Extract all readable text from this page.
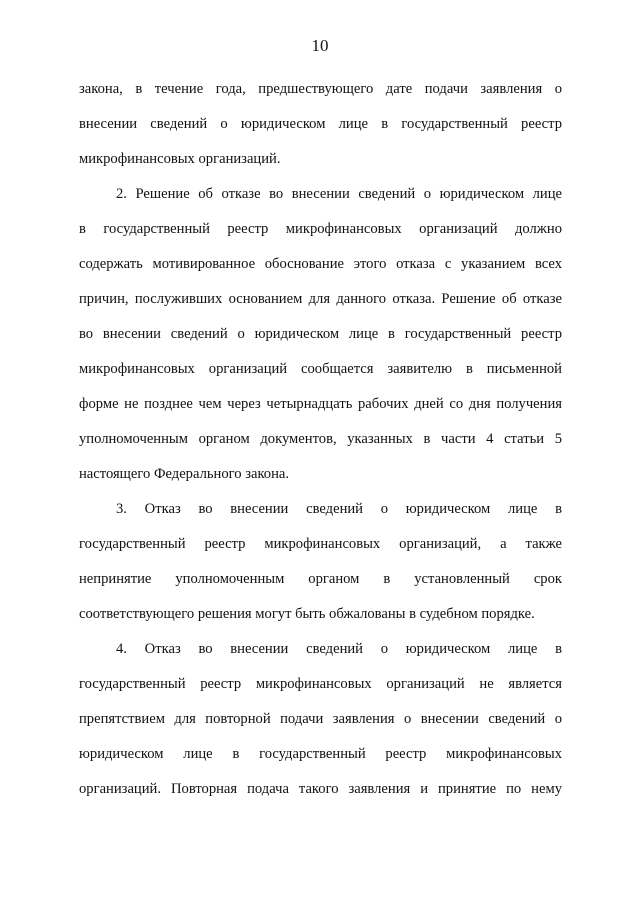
10
закона, в течение года, предшествующего дате подачи заявления о
внесении сведений о юридическом лице в государственный реестр
микрофинансовых организаций.
2. Решение об отказе во внесении сведений о юридическом лице
в государственный реестр микрофинансовых организаций должно
содержать мотивированное обоснование этого отказа с указанием всех
причин, послуживших основанием для данного отказа. Решение об отказе
во внесении сведений о юридическом лице в государственный реестр
микрофинансовых организаций сообщается заявителю в письменной
форме не позднее чем через четырнадцать рабочих дней со дня получения
уполномоченным органом документов, указанных в части 4 статьи 5
настоящего Федерального закона.
3. Отказ во внесении сведений о юридическом лице в
государственный реестр микрофинансовых организаций, а также
непринятие уполномоченным органом в установленный срок
соответствующего решения могут быть обжалованы в судебном порядке.
4. Отказ во внесении сведений о юридическом лице в
государственный реестр микрофинансовых организаций не является
препятствием для повторной подачи заявления о внесении сведений о
юридическом лице в государственный реестр микрофинансовых
организаций. Повторная подача такого заявления и принятие по нему
